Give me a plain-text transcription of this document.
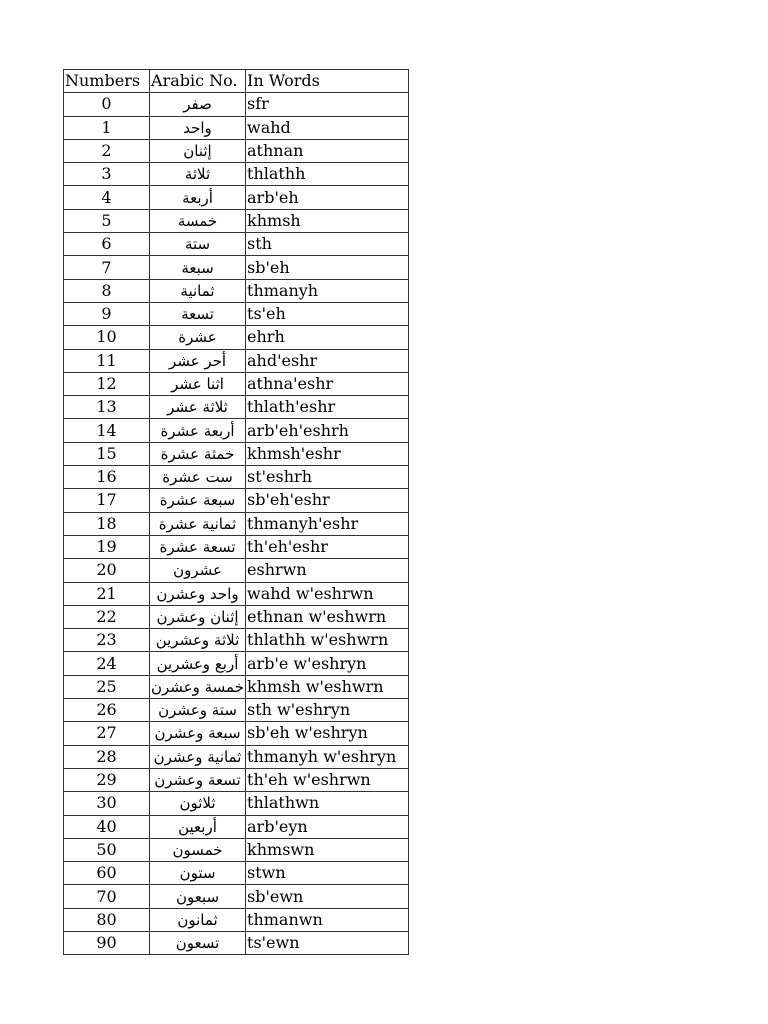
Numbers	Arabic No.	In Words
0	صفر	sfr
1	واحد	wahd
2	إثنان	athnan
3	ثلاثة	thlathh
4	أربعة	arb'eh
5	خمسة	khmsh
6	ستة	sth
7	سبعة	sb'eh
8	ثمانية	thmanyh
9	تسعة	ts'eh
10	عشرة	ehrh
11	أحر عشر	ahd'eshr
12	اثنا عشر	athna'eshr
13	ثلاثة عشر	thlath'eshr
14	أربعة عشرة	arb'eh'eshrh
15	خمثة عشرة	khmsh'eshr
16	ست عشرة	st'eshrh
17	سبعة عشرة	sb'eh'eshr
18	ثمانية عشرة	thmanyh'eshr
19	تسعة عشرة	th'eh'eshr
20	عشرون	eshrwn
21	واحد وعشرن	wahd w'eshrwn
22	إثنان وعشرن	ethnan w'eshwrn
23	ثلاثة وعشرين	thlathh w'eshwrn
24	أربع وعشرين	arb'e w'eshryn
25	خمسة وعشرن	khmsh w'eshwrn
26	ستة وعشرن	sth w'eshryn
27	سبعة وعشرن	sb'eh w'eshryn
28	ثمانية وعشرن	thmanyh w'eshryn
29	تسعة وعشرن	th'eh w'eshrwn
30	ثلاثون	thlathwn
40	أربعين	arb'eyn
50	خمسون	khmswn
60	ستون	stwn
70	سبعون	sb'ewn
80	ثمانون	thmanwn
90	تسعون	ts'ewn
